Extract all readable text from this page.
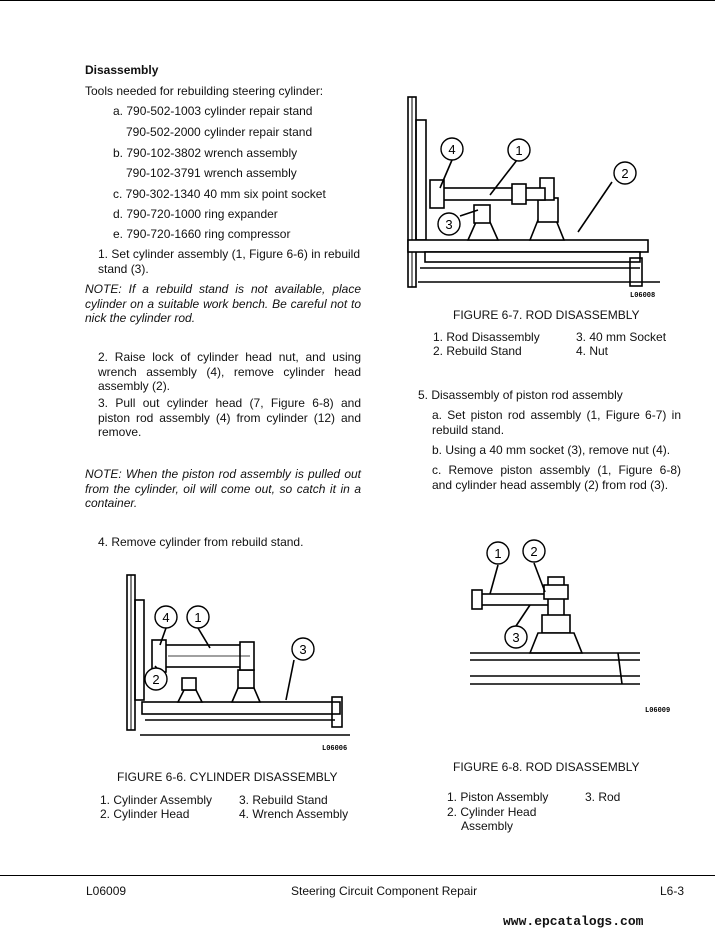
Disassembly
Tools needed for rebuilding steering cylinder:
a. 790-502-1003 cylinder repair stand
790-502-2000 cylinder repair stand
b. 790-102-3802 wrench assembly
790-102-3791 wrench assembly
c. 790-302-1340 40 mm six point socket
d. 790-720-1000 ring expander
e. 790-720-1660 ring compressor
1. Set cylinder assembly (1, Figure 6-6) in rebuild stand (3).
NOTE: If a rebuild stand is not available, place cylinder on a suitable work bench. Be careful not to nick the cylinder rod.
2. Raise lock of cylinder head nut, and using wrench assembly (4), remove cylinder head assembly (2).
3. Pull out cylinder head (7, Figure 6-8) and piston rod assembly (4) from cylinder (12) and remove.
NOTE: When the piston rod assembly is pulled out from the cylinder, oil will come out, so catch it in a container.
4. Remove cylinder from rebuild stand.
4	1
2
3
L06008
FIGURE 6-7. ROD DISASSEMBLY
1. Rod Disassembly
2. Rebuild Stand
3. 40 mm Socket
4. Nut
5. Disassembly of piston rod assembly
a. Set piston rod assembly (1, Figure 6-7) in rebuild stand.
b. Using a 40 mm socket (3), remove nut (4).
c. Remove piston assembly (1, Figure 6-8) and cylinder head assembly (2) from rod (3).
4 1
3
2
L06006
FIGURE 6-6. CYLINDER DISASSEMBLY
1. Cylinder Assembly
2. Cylinder Head
3. Rebuild Stand
4. Wrench Assembly
1 2
3
L06009
FIGURE 6-8. ROD DISASSEMBLY
1. Piston Assembly
2. Cylinder Head
Assembly
3. Rod
L06009	Steering Circuit Component Repair	L6-3
www.epcatalogs.com
